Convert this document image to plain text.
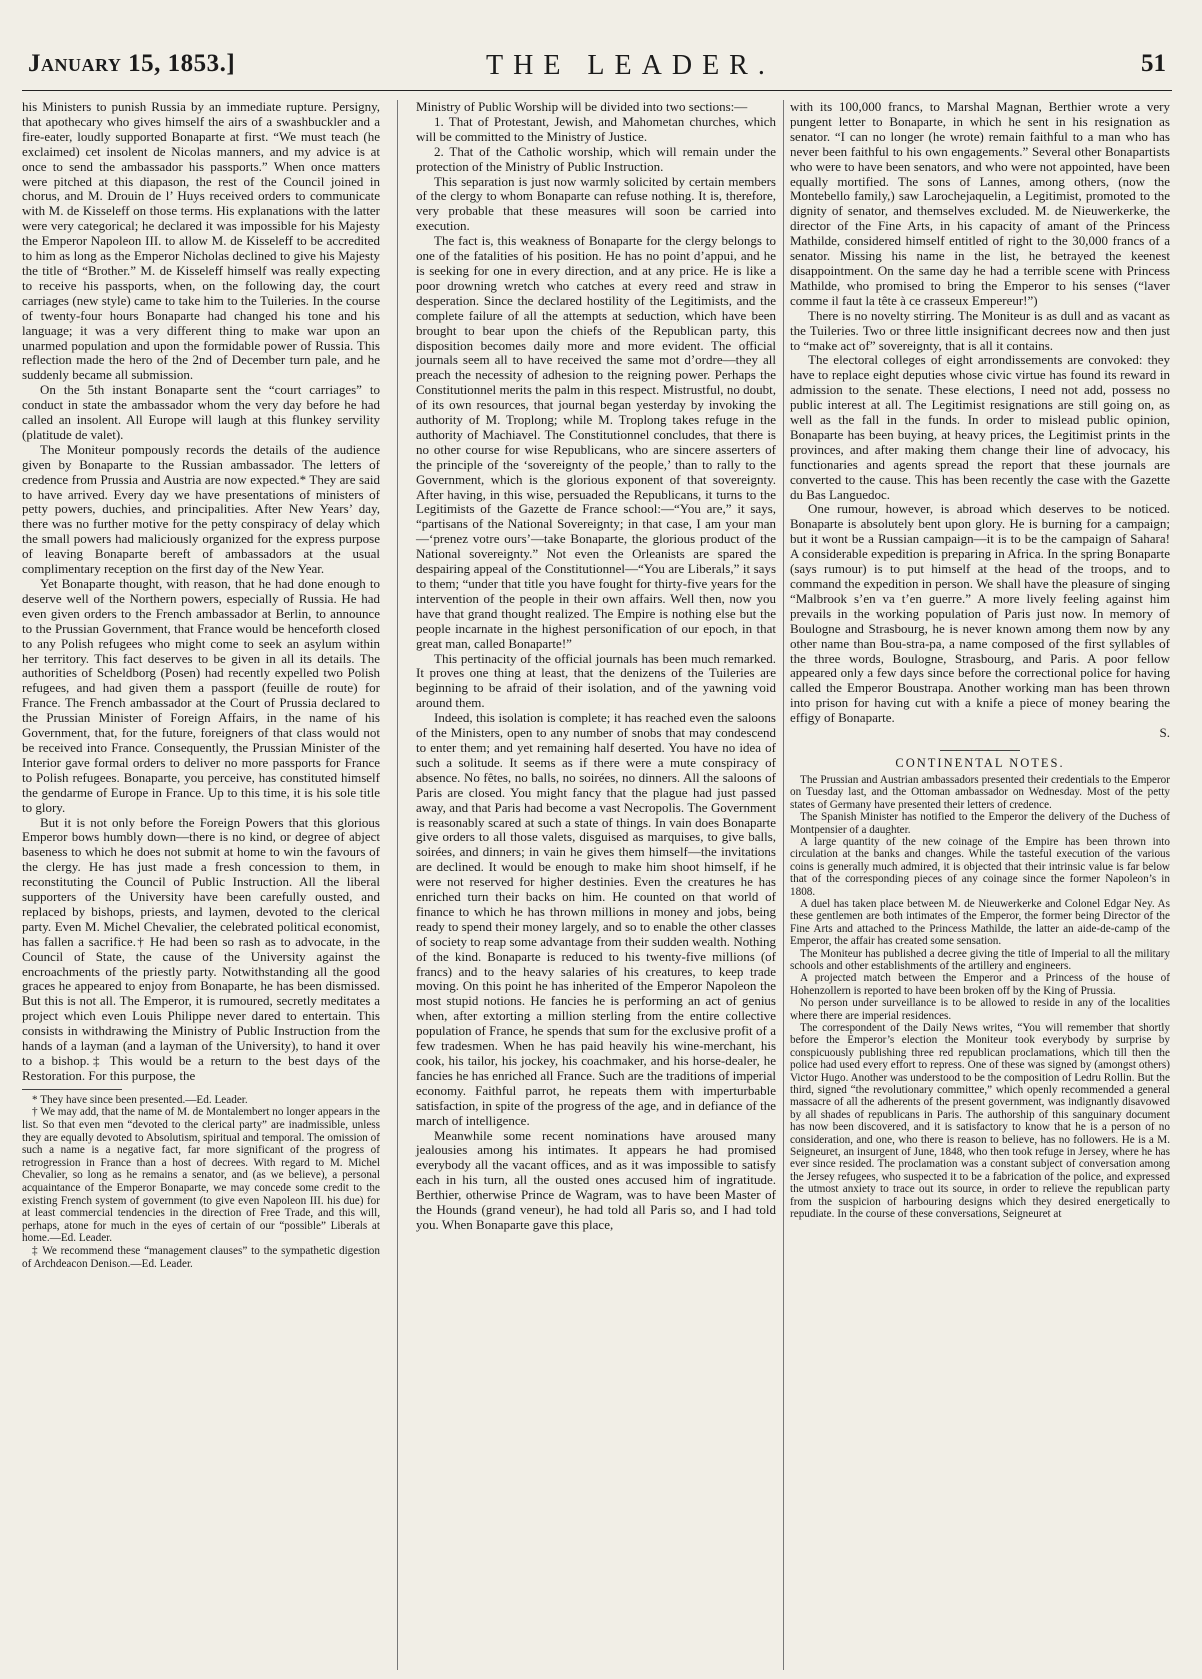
January 15, 1853.]	THE LEADER.	51

his Ministers to punish Russia by an immediate rupture. Persigny, that apothecary who gives himself the airs of a swashbuckler and a fire-eater, loudly supported Bonaparte at first. “We must teach (he exclaimed) cet insolent de Nicolas manners, and my advice is at once to send the ambassador his passports.” When once matters were pitched at this diapason, the rest of the Council joined in chorus, and M. Drouin de l’ Huys received orders to communicate with M. de Kisseleff on those terms. His explanations with the latter were very categorical; he declared it was impossible for his Majesty the Emperor Napoleon III. to allow M. de Kisseleff to be accredited to him as long as the Emperor Nicholas declined to give his Majesty the title of “Brother.” M. de Kisseleff himself was really expecting to receive his passports, when, on the following day, the court carriages (new style) came to take him to the Tuileries. In the course of twenty-four hours Bonaparte had changed his tone and his language; it was a very different thing to make war upon an unarmed population and upon the formidable power of Russia. This reflection made the hero of the 2nd of December turn pale, and he suddenly became all submission.

On the 5th instant Bonaparte sent the “court carriages” to conduct in state the ambassador whom the very day before he had called an insolent. All Europe will laugh at this flunkey servility (platitude de valet).

The Moniteur pompously records the details of the audience given by Bonaparte to the Russian ambassador. The letters of credence from Prussia and Austria are now expected.* They are said to have arrived. Every day we have presentations of ministers of petty powers, duchies, and principalities. After New Years’ day, there was no further motive for the petty conspiracy of delay which the small powers had maliciously organized for the express purpose of leaving Bonaparte bereft of ambassadors at the usual complimentary reception on the first day of the New Year.

Yet Bonaparte thought, with reason, that he had done enough to deserve well of the Northern powers, especially of Russia. He had even given orders to the French ambassador at Berlin, to announce to the Prussian Government, that France would be henceforth closed to any Polish refugees who might come to seek an asylum within her territory. This fact deserves to be given in all its details. The authorities of Scheldborg (Posen) had recently expelled two Polish refugees, and had given them a passport (feuille de route) for France. The French ambassador at the Court of Prussia declared to the Prussian Minister of Foreign Affairs, in the name of his Government, that, for the future, foreigners of that class would not be received into France. Consequently, the Prussian Minister of the Interior gave formal orders to deliver no more passports for France to Polish refugees. Bonaparte, you perceive, has constituted himself the gendarme of Europe in France. Up to this time, it is his sole title to glory.

But it is not only before the Foreign Powers that this glorious Emperor bows humbly down—there is no kind, or degree of abject baseness to which he does not submit at home to win the favours of the clergy. He has just made a fresh concession to them, in reconstituting the Council of Public Instruction. All the liberal supporters of the University have been carefully ousted, and replaced by bishops, priests, and laymen, devoted to the clerical party. Even M. Michel Chevalier, the celebrated political economist, has fallen a sacrifice.† He had been so rash as to advocate, in the Council of State, the cause of the University against the encroachments of the priestly party. Notwithstanding all the good graces he appeared to enjoy from Bonaparte, he has been dismissed. But this is not all. The Emperor, it is rumoured, secretly meditates a project which even Louis Philippe never dared to entertain. This consists in withdrawing the Ministry of Public Instruction from the hands of a layman (and a layman of the University), to hand it over to a bishop.‡ This would be a return to the best days of the Restoration. For this purpose, the

* They have since been presented.—Ed. Leader.

† We may add, that the name of M. de Montalembert no longer appears in the list. So that even men “devoted to the clerical party” are inadmissible, unless they are equally devoted to Absolutism, spiritual and temporal. The omission of such a name is a negative fact, far more significant of the progress of retrogression in France than a host of decrees. With regard to M. Michel Chevalier, so long as he remains a senator, and (as we believe), a personal acquaintance of the Emperor Bonaparte, we may concede some credit to the existing French system of government (to give even Napoleon III. his due) for at least commercial tendencies in the direction of Free Trade, and this will, perhaps, atone for much in the eyes of certain of our “possible” Liberals at home.—Ed. Leader.

‡ We recommend these “management clauses” to the sympathetic digestion of Archdeacon Denison.—Ed. Leader.

Ministry of Public Worship will be divided into two sections:—

1. That of Protestant, Jewish, and Mahometan churches, which will be committed to the Ministry of Justice.

2. That of the Catholic worship, which will remain under the protection of the Ministry of Public Instruction.

This separation is just now warmly solicited by certain members of the clergy to whom Bonaparte can refuse nothing. It is, therefore, very probable that these measures will soon be carried into execution.

The fact is, this weakness of Bonaparte for the clergy belongs to one of the fatalities of his position. He has no point d’appui, and he is seeking for one in every direction, and at any price. He is like a poor drowning wretch who catches at every reed and straw in desperation. Since the declared hostility of the Legitimists, and the complete failure of all the attempts at seduction, which have been brought to bear upon the chiefs of the Republican party, this disposition becomes daily more and more evident. The official journals seem all to have received the same mot d’ordre—they all preach the necessity of adhesion to the reigning power. Perhaps the Constitutionnel merits the palm in this respect. Mistrustful, no doubt, of its own resources, that journal began yesterday by invoking the authority of M. Troplong; while M. Troplong takes refuge in the authority of Machiavel. The Constitutionnel concludes, that there is no other course for wise Republicans, who are sincere asserters of the principle of the ‘sovereignty of the people,’ than to rally to the Government, which is the glorious exponent of that sovereignty. After having, in this wise, persuaded the Republicans, it turns to the Legitimists of the Gazette de France school:—“You are,” it says, “partisans of the National Sovereignty; in that case, I am your man—‘prenez votre ours’—take Bonaparte, the glorious product of the National sovereignty.” Not even the Orleanists are spared the despairing appeal of the Constitutionnel—“You are Liberals,” it says to them; “under that title you have fought for thirty-five years for the intervention of the people in their own affairs. Well then, now you have that grand thought realized. The Empire is nothing else but the people incarnate in the highest personification of our epoch, in that great man, called Bonaparte!”

This pertinacity of the official journals has been much remarked. It proves one thing at least, that the denizens of the Tuileries are beginning to be afraid of their isolation, and of the yawning void around them.

Indeed, this isolation is complete; it has reached even the saloons of the Ministers, open to any number of snobs that may condescend to enter them; and yet remaining half deserted. You have no idea of such a solitude. It seems as if there were a mute conspiracy of absence. No fêtes, no balls, no soirées, no dinners. All the saloons of Paris are closed. You might fancy that the plague had just passed away, and that Paris had become a vast Necropolis. The Government is reasonably scared at such a state of things. In vain does Bonaparte give orders to all those valets, disguised as marquises, to give balls, soirées, and dinners; in vain he gives them himself—the invitations are declined. It would be enough to make him shoot himself, if he were not reserved for higher destinies. Even the creatures he has enriched turn their backs on him. He counted on that world of finance to which he has thrown millions in money and jobs, being ready to spend their money largely, and so to enable the other classes of society to reap some advantage from their sudden wealth. Nothing of the kind. Bonaparte is reduced to his twenty-five millions (of francs) and to the heavy salaries of his creatures, to keep trade moving. On this point he has inherited of the Emperor Napoleon the most stupid notions. He fancies he is performing an act of genius when, after extorting a million sterling from the entire collective population of France, he spends that sum for the exclusive profit of a few tradesmen. When he has paid heavily his wine-merchant, his cook, his tailor, his jockey, his coachmaker, and his horse-dealer, he fancies he has enriched all France. Such are the traditions of imperial economy. Faithful parrot, he repeats them with imperturbable satisfaction, in spite of the progress of the age, and in defiance of the march of intelligence.

Meanwhile some recent nominations have aroused many jealousies among his intimates. It appears he had promised everybody all the vacant offices, and as it was impossible to satisfy each in his turn, all the ousted ones accused him of ingratitude. Berthier, otherwise Prince de Wagram, was to have been Master of the Hounds (grand veneur), he had told all Paris so, and I had told you. When Bonaparte gave this place,

with its 100,000 francs, to Marshal Magnan, Berthier wrote a very pungent letter to Bonaparte, in which he sent in his resignation as senator. “I can no longer (he wrote) remain faithful to a man who has never been faithful to his own engagements.” Several other Bonapartists who were to have been senators, and who were not appointed, have been equally mortified. The sons of Lannes, among others, (now the Montebello family,) saw Larochejaquelin, a Legitimist, promoted to the dignity of senator, and themselves excluded. M. de Nieuwerkerke, the director of the Fine Arts, in his capacity of amant of the Princess Mathilde, considered himself entitled of right to the 30,000 francs of a senator. Missing his name in the list, he betrayed the keenest disappointment. On the same day he had a terrible scene with Princess Mathilde, who promised to bring the Emperor to his senses (“laver comme il faut la tête à ce crasseux Empereur!”)

There is no novelty stirring. The Moniteur is as dull and as vacant as the Tuileries. Two or three little insignificant decrees now and then just to “make act of” sovereignty, that is all it contains.

The electoral colleges of eight arrondissements are convoked: they have to replace eight deputies whose civic virtue has found its reward in admission to the senate. These elections, I need not add, possess no public interest at all. The Legitimist resignations are still going on, as well as the fall in the funds. In order to mislead public opinion, Bonaparte has been buying, at heavy prices, the Legitimist prints in the provinces, and after making them change their line of advocacy, his functionaries and agents spread the report that these journals are converted to the cause. This has been recently the case with the Gazette du Bas Languedoc.

One rumour, however, is abroad which deserves to be noticed. Bonaparte is absolutely bent upon glory. He is burning for a campaign; but it wont be a Russian campaign—it is to be the campaign of Sahara! A considerable expedition is preparing in Africa. In the spring Bonaparte (says rumour) is to put himself at the head of the troops, and to command the expedition in person. We shall have the pleasure of singing “Malbrook s’en va t’en guerre.” A more lively feeling against him prevails in the working population of Paris just now. In memory of Boulogne and Strasbourg, he is never known among them now by any other name than Bou-stra-pa, a name composed of the first syllables of the three words, Boulogne, Strasbourg, and Paris. A poor fellow appeared only a few days since before the correctional police for having called the Emperor Boustrapa. Another working man has been thrown into prison for having cut with a knife a piece of money bearing the effigy of Bonaparte.

S.

CONTINENTAL NOTES.

The Prussian and Austrian ambassadors presented their credentials to the Emperor on Tuesday last, and the Ottoman ambassador on Wednesday. Most of the petty states of Germany have presented their letters of credence.

The Spanish Minister has notified to the Emperor the delivery of the Duchess of Montpensier of a daughter.

A large quantity of the new coinage of the Empire has been thrown into circulation at the banks and changes. While the tasteful execution of the various coins is generally much admired, it is objected that their intrinsic value is far below that of the corresponding pieces of any coinage since the former Napoleon’s in 1808.

A duel has taken place between M. de Nieuwerkerke and Colonel Edgar Ney. As these gentlemen are both intimates of the Emperor, the former being Director of the Fine Arts and attached to the Princess Mathilde, the latter an aide-de-camp of the Emperor, the affair has created some sensation.

The Moniteur has published a decree giving the title of Imperial to all the military schools and other establishments of the artillery and engineers.

A projected match between the Emperor and a Princess of the house of Hohenzollern is reported to have been broken off by the King of Prussia.

No person under surveillance is to be allowed to reside in any of the localities where there are imperial residences.

The correspondent of the Daily News writes, “You will remember that shortly before the Emperor’s election the Moniteur took everybody by surprise by conspicuously publishing three red republican proclamations, which till then the police had used every effort to repress. One of these was signed by (amongst others) Victor Hugo. Another was understood to be the composition of Ledru Rollin. But the third, signed “the revolutionary committee,” which openly recommended a general massacre of all the adherents of the present government, was indignantly disavowed by all shades of republicans in Paris. The authorship of this sanguinary document has now been discovered, and it is satisfactory to know that he is a person of no consideration, and one, who there is reason to believe, has no followers. He is a M. Seigneuret, an insurgent of June, 1848, who then took refuge in Jersey, where he has ever since resided. The proclamation was a constant subject of conversation among the Jersey refugees, who suspected it to be a fabrication of the police, and expressed the utmost anxiety to trace out its source, in order to relieve the republican party from the suspicion of harbouring designs which they desired energetically to repudiate. In the course of these conversations, Seigneuret at
